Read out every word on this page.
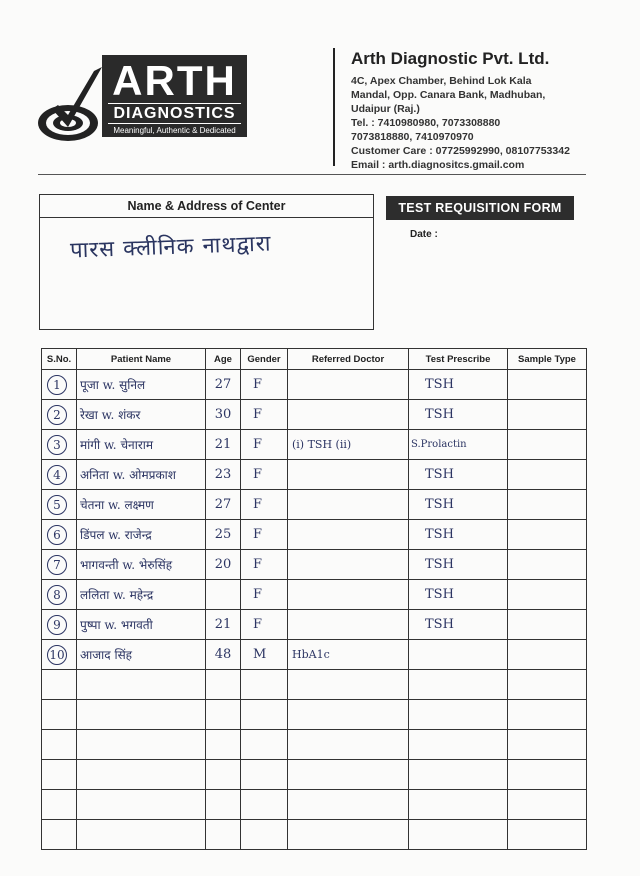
ARTH
DIAGNOSTICS
Meaningful, Authentic & Dedicated
Arth Diagnostic Pvt. Ltd.
4C, Apex Chamber, Behind Lok Kala
Mandal, Opp. Canara Bank, Madhuban,
Udaipur (Raj.)
Tel. : 7410980980, 7073308880
7073818880, 7410970970
Customer Care : 07725992990, 08107753342
Email : arth.diagnositcs.gmail.com
Name & Address of Center
पारस क्लीनिक नाथद्वारा
TEST REQUISITION FORM
Date :
S.No.	Patient Name	Age	Gender	Referred Doctor	Test Prescribe	Sample Type
1	पूजा w. सुनिल	27	F		TSH	
2	रेखा w. शंकर	30	F		TSH	
3	मांगी w. चेनाराम	21	F	(i) TSH (ii)	S.Prolactin	
4	अनिता w. ओमप्रकाश	23	F		TSH	
5	चेतना w. लक्ष्मण	27	F		TSH	
6	डिंपल w. राजेन्द्र	25	F		TSH	
7	भागवन्ती w. भेरुसिंह	20	F		TSH	
8	ललिता w. महेन्द्र		F		TSH	
9	पुष्पा w. भगवती	21	F		TSH	
10	आजाद सिंह	48	M	HbA1c		
